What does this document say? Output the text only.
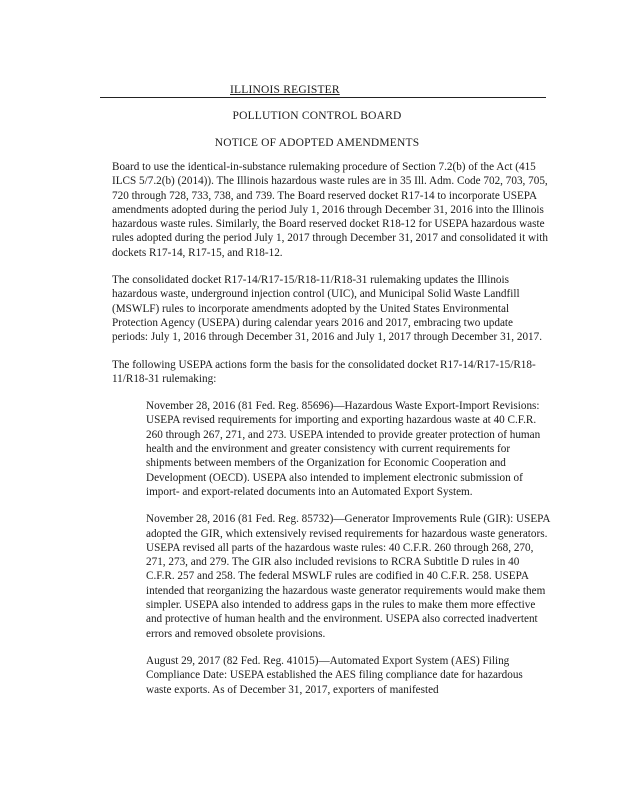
ILLINOIS REGISTER
POLLUTION CONTROL BOARD
NOTICE OF ADOPTED AMENDMENTS

Board to use the identical-in-substance rulemaking procedure of Section 7.2(b) of the Act (415 ILCS 5/7.2(b) (2014)). The Illinois hazardous waste rules are in 35 Ill. Adm. Code 702, 703, 705, 720 through 728, 733, 738, and 739. The Board reserved docket R17-14 to incorporate USEPA amendments adopted during the period July 1, 2016 through December 31, 2016 into the Illinois hazardous waste rules. Similarly, the Board reserved docket R18-12 for USEPA hazardous waste rules adopted during the period July 1, 2017 through December 31, 2017 and consolidated it with dockets R17-14, R17-15, and R18-12.

The consolidated docket R17-14/R17-15/R18-11/R18-31 rulemaking updates the Illinois hazardous waste, underground injection control (UIC), and Municipal Solid Waste Landfill (MSWLF) rules to incorporate amendments adopted by the United States Environmental Protection Agency (USEPA) during calendar years 2016 and 2017, embracing two update periods: July 1, 2016 through December 31, 2016 and July 1, 2017 through December 31, 2017.

The following USEPA actions form the basis for the consolidated docket R17-14/R17-15/R18-11/R18-31 rulemaking:

November 28, 2016 (81 Fed. Reg. 85696)—Hazardous Waste Export-Import Revisions: USEPA revised requirements for importing and exporting hazardous waste at 40 C.F.R. 260 through 267, 271, and 273. USEPA intended to provide greater protection of human health and the environment and greater consistency with current requirements for shipments between members of the Organization for Economic Cooperation and Development (OECD). USEPA also intended to implement electronic submission of import- and export-related documents into an Automated Export System.

November 28, 2016 (81 Fed. Reg. 85732)—Generator Improvements Rule (GIR): USEPA adopted the GIR, which extensively revised requirements for hazardous waste generators. USEPA revised all parts of the hazardous waste rules: 40 C.F.R. 260 through 268, 270, 271, 273, and 279. The GIR also included revisions to RCRA Subtitle D rules in 40 C.F.R. 257 and 258. The federal MSWLF rules are codified in 40 C.F.R. 258. USEPA intended that reorganizing the hazardous waste generator requirements would make them simpler. USEPA also intended to address gaps in the rules to make them more effective and protective of human health and the environment. USEPA also corrected inadvertent errors and removed obsolete provisions.

August 29, 2017 (82 Fed. Reg. 41015)—Automated Export System (AES) Filing Compliance Date: USEPA established the AES filing compliance date for hazardous waste exports. As of December 31, 2017, exporters of manifested
